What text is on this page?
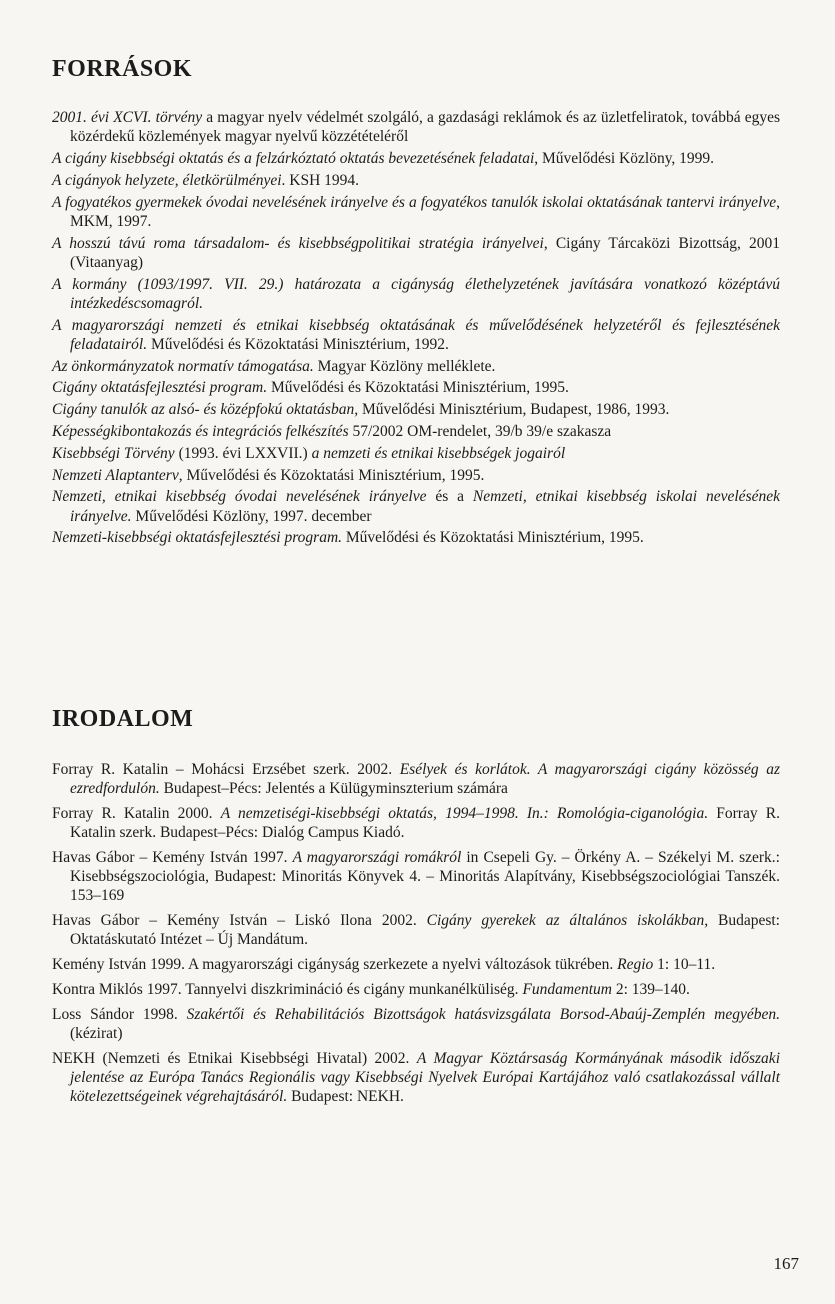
FORRÁSOK
2001. évi XCVI. törvény a magyar nyelv védelmét szolgáló, a gazdasági reklámok és az üzletfeliratok, továbbá egyes közérdekű közlemények magyar nyelvű közzétételéről
A cigány kisebbségi oktatás és a felzárkóztató oktatás bevezetésének feladatai, Művelődési Közlöny, 1999.
A cigányok helyzete, életkörülményei. KSH 1994.
A fogyatékos gyermekek óvodai nevelésének irányelve és a fogyatékos tanulók iskolai oktatásának tantervi irányelve, MKM, 1997.
A hosszú távú roma társadalom- és kisebbségpolitikai stratégia irányelvei, Cigány Tárcaközi Bizottság, 2001 (Vitaanyag)
A kormány (1093/1997. VII. 29.) határozata a cigányság élethelyzetének javítására vonatkozó középtávú intézkedéscsomagról.
A magyarországi nemzeti és etnikai kisebbség oktatásának és művelődésének helyzetéről és fejlesztésének feladatairól. Művelődési és Közoktatási Minisztérium, 1992.
Az önkormányzatok normatív támogatása. Magyar Közlöny melléklete.
Cigány oktatásfejlesztési program. Művelődési és Közoktatási Minisztérium, 1995.
Cigány tanulók az alsó- és középfokú oktatásban, Művelődési Minisztérium, Budapest, 1986, 1993.
Képességkibontakozás és integrációs felkészítés 57/2002 OM-rendelet, 39/b 39/e szakasza
Kisebbségi Törvény (1993. évi LXXVII.) a nemzeti és etnikai kisebbségek jogairól
Nemzeti Alaptanterv, Művelődési és Közoktatási Minisztérium, 1995.
Nemzeti, etnikai kisebbség óvodai nevelésének irányelve és a Nemzeti, etnikai kisebbség iskolai nevelésének irányelve. Művelődési Közlöny, 1997. december
Nemzeti-kisebbségi oktatásfejlesztési program. Művelődési és Közoktatási Minisztérium, 1995.
IRODALOM
Forray R. Katalin – Mohácsi Erzsébet szerk. 2002. Esélyek és korlátok. A magyarországi cigány közösség az ezredfordulón. Budapest–Pécs: Jelentés a Külügyminszterium számára
Forray R. Katalin 2000. A nemzetiségi-kisebbségi oktatás, 1994–1998. In.: Romológia-ciganológia. Forray R. Katalin szerk. Budapest–Pécs: Dialóg Campus Kiadó.
Havas Gábor – Kemény István 1997. A magyarországi romákról in Csepeli Gy. – Örkény A. – Székelyi M. szerk.: Kisebbségszociológia, Budapest: Minoritás Könyvek 4. – Minoritás Alapítvány, Kisebbségszociológiai Tanszék. 153–169
Havas Gábor – Kemény István – Liskó Ilona 2002. Cigány gyerekek az általános iskolákban, Budapest: Oktatáskutató Intézet – Új Mandátum.
Kemény István 1999. A magyarországi cigányság szerkezete a nyelvi változások tükrében. Regio 1: 10–11.
Kontra Miklós 1997. Tannyelvi diszkrimináció és cigány munkanélküliség. Fundamentum 2: 139–140.
Loss Sándor 1998. Szakértői és Rehabilitációs Bizottságok hatásvizsgálata Borsod-Abaúj-Zemplén megyében. (kézirat)
NEKH (Nemzeti és Etnikai Kisebbségi Hivatal) 2002. A Magyar Köztársaság Kormányának második időszaki jelentése az Európa Tanács Regionális vagy Kisebbségi Nyelvek Európai Kartájához való csatlakozással vállalt kötelezettségeinek végrehajtásáról. Budapest: NEKH.
167
